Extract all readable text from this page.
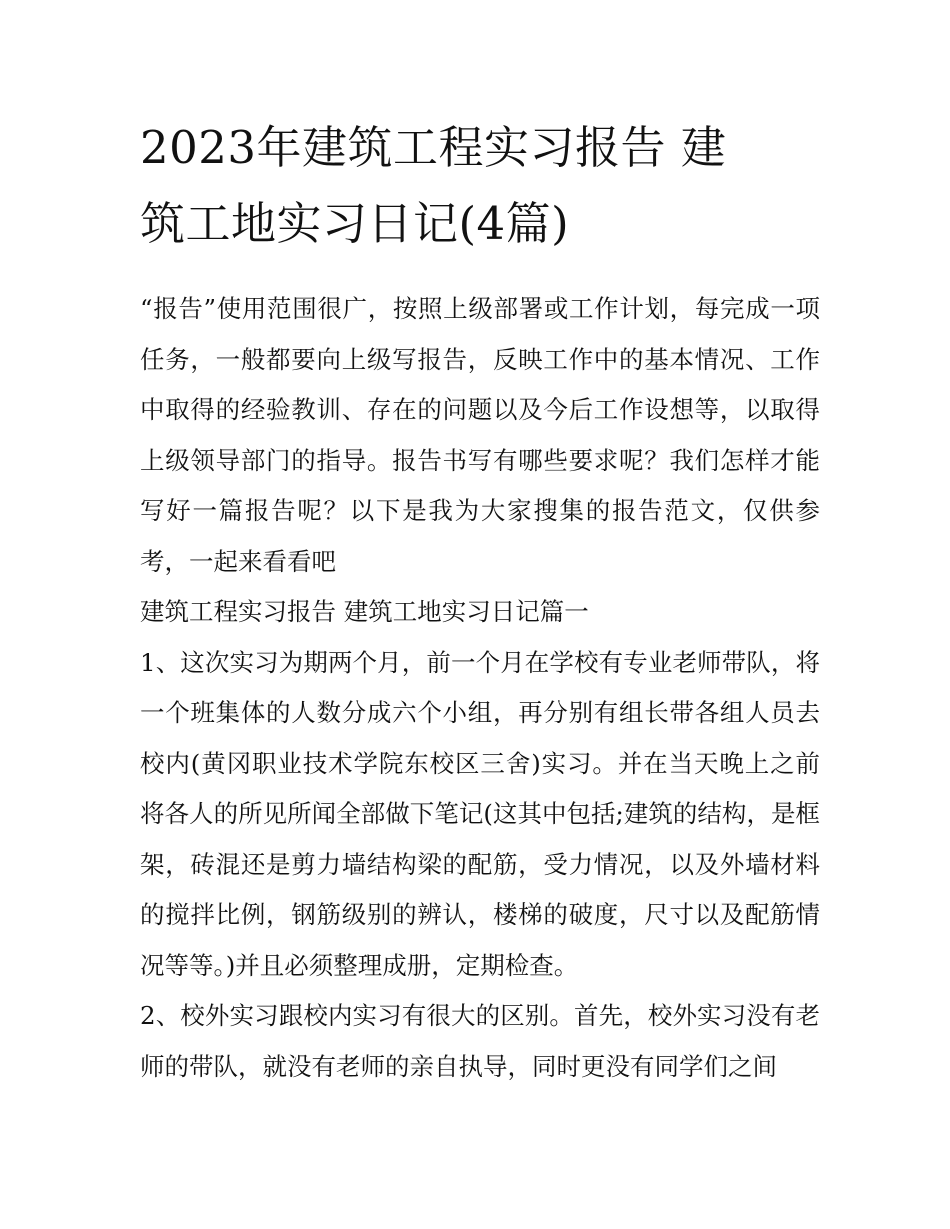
2023年建筑工程实习报告 建
筑工地实习日记(4篇)

“报告”使用范围很广，按照上级部署或工作计划，每完成一项任务，一般都要向上级写报告，反映工作中的基本情况、工作中取得的经验教训、存在的问题以及今后工作设想等，以取得上级领导部门的指导。报告书写有哪些要求呢？我们怎样才能写好一篇报告呢？以下是我为大家搜集的报告范文，仅供参考，一起来看看吧

建筑工程实习报告 建筑工地实习日记篇一

1、这次实习为期两个月，前一个月在学校有专业老师带队，将一个班集体的人数分成六个小组，再分别有组长带各组人员去校内(黄冈职业技术学院东校区三舍)实习。并在当天晚上之前将各人的所见所闻全部做下笔记(这其中包括;建筑的结构，是框架，砖混还是剪力墙结构梁的配筋，受力情况，以及外墙材料的搅拌比例，钢筋级别的辨认，楼梯的破度，尺寸以及配筋情况等等。)并且必须整理成册，定期检查。

2、校外实习跟校内实习有很大的区别。首先，校外实习没有老师的带队，就没有老师的亲自执导，同时更没有同学们之间
